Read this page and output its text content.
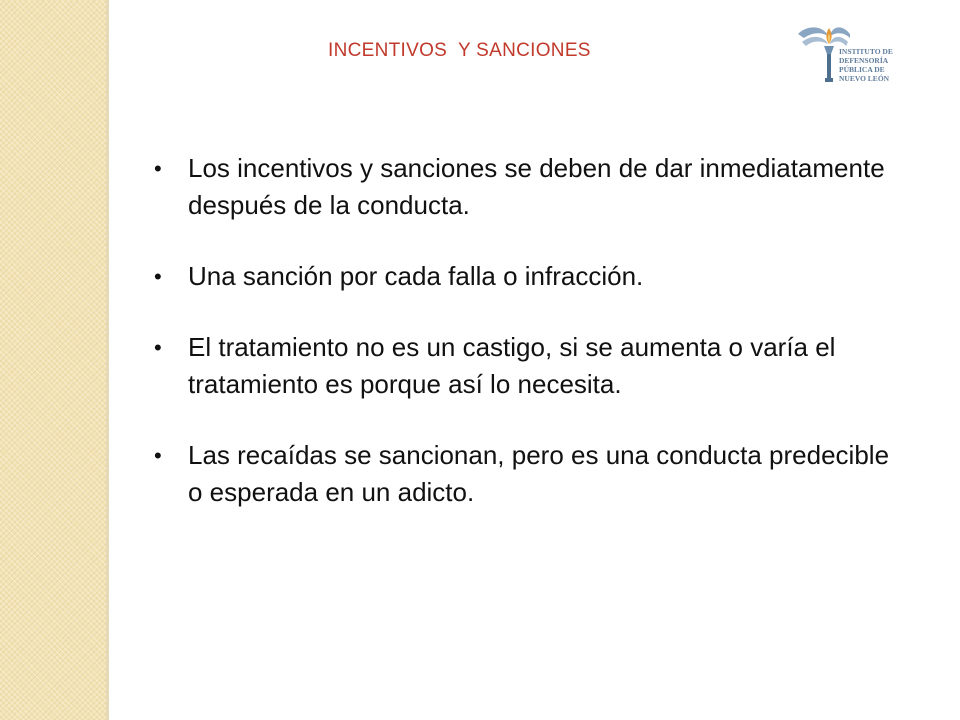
INCENTIVOS  Y SANCIONES	INSTITUTO DE
DEFENSORÍA
PÚBLICA DE
NUEVO LEÓN
• Los incentivos y sanciones se deben de dar inmediatamente después de la conducta.
• Una sanción por cada falla o infracción.
• El tratamiento no es un castigo, si se aumenta o varía el tratamiento es porque así lo necesita.
• Las recaídas se sancionan, pero es una conducta predecible o esperada en un adicto.
